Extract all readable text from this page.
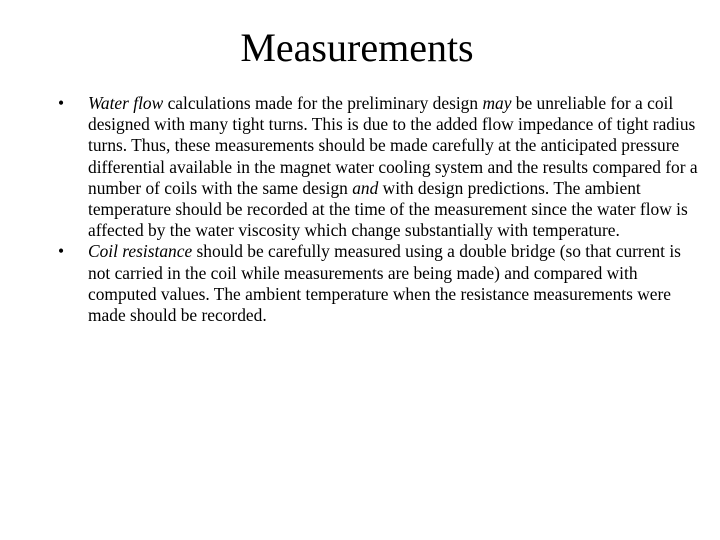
Measurements
•	Water flow calculations made for the preliminary design may be unreliable for a coil designed with many tight turns. This is due to the added flow impedance of tight radius turns. Thus, these measurements should be made carefully at the anticipated pressure differential available in the magnet water cooling system and the results compared for a number of coils with the same design and with design predictions. The ambient temperature should be recorded at the time of the measurement since the water flow is affected by the water viscosity which change substantially with temperature.
•	Coil resistance should be carefully measured using a double bridge (so that current is not carried in the coil while measurements are being made) and compared with computed values. The ambient temperature when the resistance measurements were made should be recorded.
